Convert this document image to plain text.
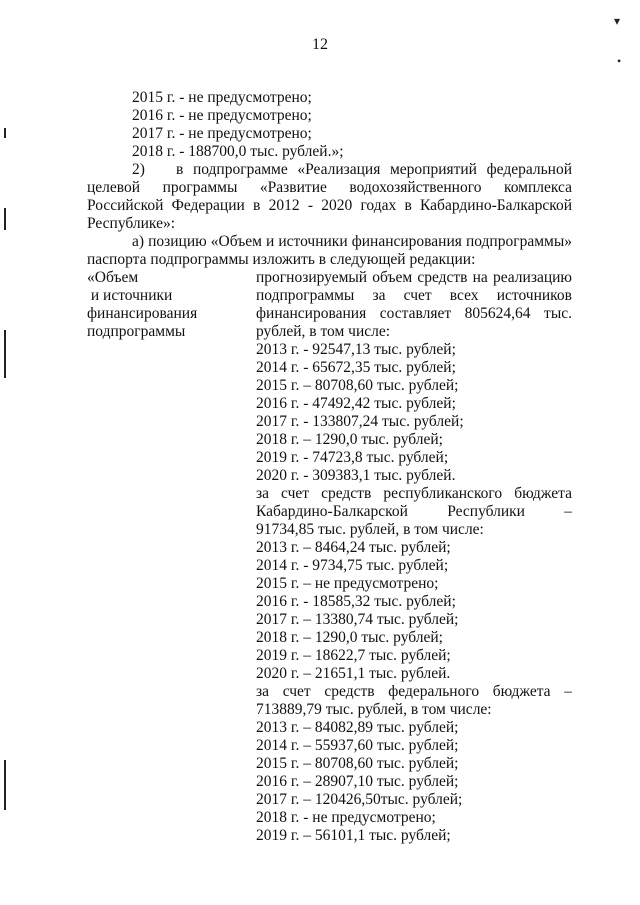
▾
•
12
2015 г. - не предусмотрено;
2016 г. - не предусмотрено;
2017 г. - не предусмотрено;
2018 г. - 188700,0 тыс. рублей.»;
2) в подпрограмме «Реализация мероприятий федеральной
целевой программы «Развитие водохозяйственного комплекса
Российской Федерации в 2012 - 2020 годах в Кабардино-Балкарской
Республике»:
а) позицию «Объем и источники финансирования подпрограммы»
паспорта подпрограммы изложить в следующей редакции:
«Объем
и источники
финансирования
подпрограммы
прогнозируемый объем средств на реализацию
подпрограммы за счет всех источников
финансирования составляет 805624,64 тыс.
рублей, в том числе:
2013 г. - 92547,13 тыс. рублей;
2014 г. - 65672,35 тыс. рублей;
2015 г. – 80708,60 тыс. рублей;
2016 г. - 47492,42 тыс. рублей;
2017 г. - 133807,24 тыс. рублей;
2018 г. – 1290,0 тыс. рублей;
2019 г. - 74723,8 тыс. рублей;
2020 г. - 309383,1 тыс. рублей.
за счет средств республиканского бюджета
Кабардино-Балкарской Республики –
91734,85 тыс. рублей, в том числе:
2013 г. – 8464,24 тыс. рублей;
2014 г. - 9734,75 тыс. рублей;
2015 г. – не предусмотрено;
2016 г. - 18585,32 тыс. рублей;
2017 г. – 13380,74 тыс. рублей;
2018 г. – 1290,0 тыс. рублей;
2019 г. – 18622,7 тыс. рублей;
2020 г. – 21651,1 тыс. рублей.
за счет средств федерального бюджета –
713889,79 тыс. рублей, в том числе:
2013 г. – 84082,89 тыс. рублей;
2014 г. – 55937,60 тыс. рублей;
2015 г. – 80708,60 тыс. рублей;
2016 г. – 28907,10 тыс. рублей;
2017 г. – 120426,50тыс. рублей;
2018 г. - не предусмотрено;
2019 г. – 56101,1 тыс. рублей;
